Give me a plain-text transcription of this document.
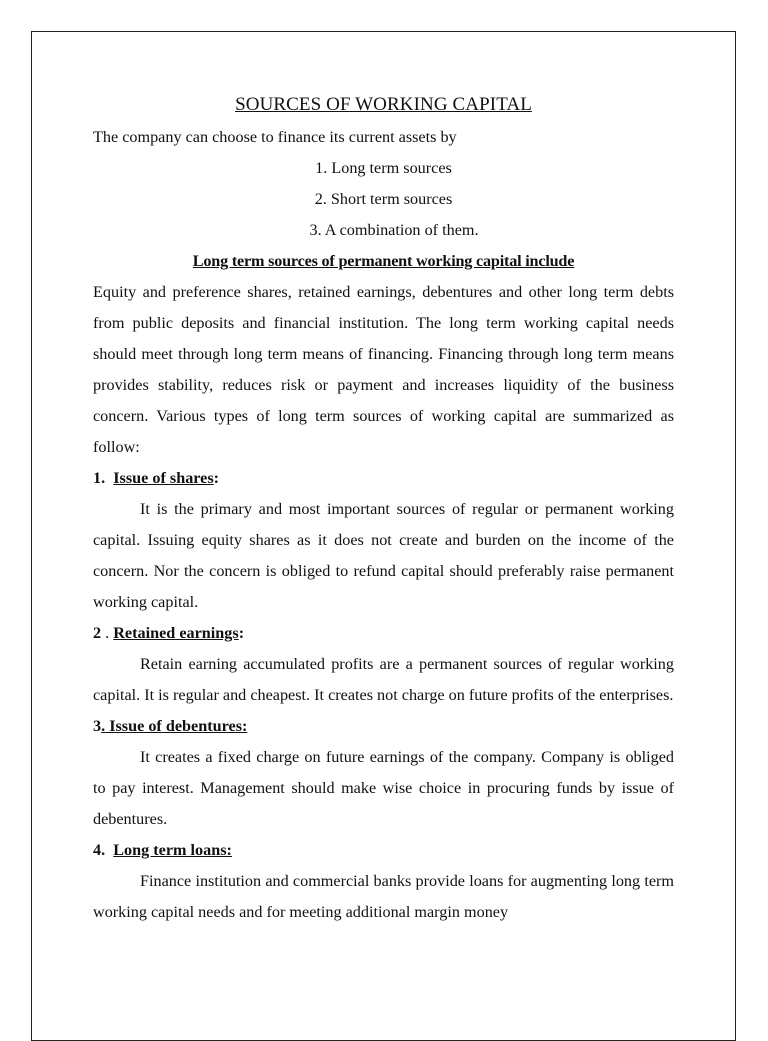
SOURCES OF WORKING CAPITAL

The company can choose to finance its current assets by

1. Long term sources
2. Short term sources
3. A combination of them.

Long term sources of permanent working capital include

Equity and preference shares, retained earnings, debentures and other long term debts from public deposits and financial institution. The long term working capital needs should meet through long term means of financing. Financing through long term means provides stability, reduces risk or payment and increases liquidity of the business concern. Various types of long term sources of working capital are summarized as follow:

1. Issue of shares:

It is the primary and most important sources of regular or permanent working capital. Issuing equity shares as it does not create and burden on the income of the concern. Nor the concern is obliged to refund capital should preferably raise permanent working capital.

2 . Retained earnings:

Retain earning accumulated profits are a permanent sources of regular working capital. It is regular and cheapest. It creates not charge on future profits of the enterprises.

3. Issue of debentures:

It creates a fixed charge on future earnings of the company. Company is obliged to pay interest. Management should make wise choice in procuring funds by issue of debentures.

4. Long term loans:

Finance institution and commercial banks provide loans for augmenting long term working capital needs and for meeting additional margin money
